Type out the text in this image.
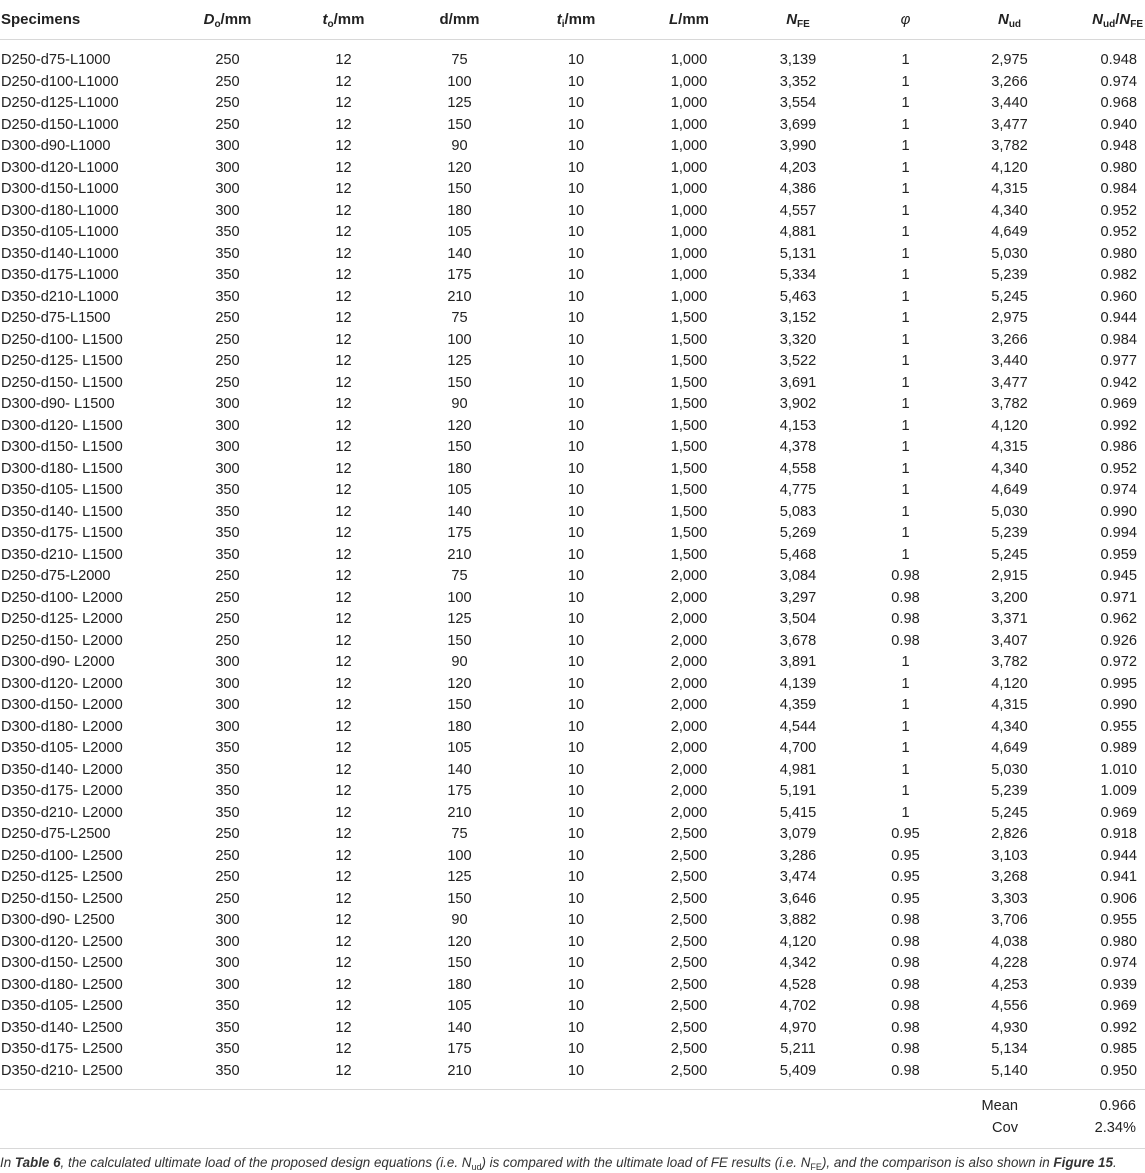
Specimens	$D_o/mm$	$t_o/mm$	d/mm	$t_i/mm$	L/mm	$N_{FE}$	φ	$N_{ud}$	$N_{ud}/N_{FE}$
D250-d75-L1000	250	12	75	10	1,000	3,139	1	2,975	0.948
D250-d100-L1000	250	12	100	10	1,000	3,352	1	3,266	0.974
D250-d125-L1000	250	12	125	10	1,000	3,554	1	3,440	0.968
D250-d150-L1000	250	12	150	10	1,000	3,699	1	3,477	0.940
D300-d90-L1000	300	12	90	10	1,000	3,990	1	3,782	0.948
D300-d120-L1000	300	12	120	10	1,000	4,203	1	4,120	0.980
D300-d150-L1000	300	12	150	10	1,000	4,386	1	4,315	0.984
D300-d180-L1000	300	12	180	10	1,000	4,557	1	4,340	0.952
D350-d105-L1000	350	12	105	10	1,000	4,881	1	4,649	0.952
D350-d140-L1000	350	12	140	10	1,000	5,131	1	5,030	0.980
D350-d175-L1000	350	12	175	10	1,000	5,334	1	5,239	0.982
D350-d210-L1000	350	12	210	10	1,000	5,463	1	5,245	0.960
D250-d75-L1500	250	12	75	10	1,500	3,152	1	2,975	0.944
D250-d100- L1500	250	12	100	10	1,500	3,320	1	3,266	0.984
D250-d125- L1500	250	12	125	10	1,500	3,522	1	3,440	0.977
D250-d150- L1500	250	12	150	10	1,500	3,691	1	3,477	0.942
D300-d90- L1500	300	12	90	10	1,500	3,902	1	3,782	0.969
D300-d120- L1500	300	12	120	10	1,500	4,153	1	4,120	0.992
D300-d150- L1500	300	12	150	10	1,500	4,378	1	4,315	0.986
D300-d180- L1500	300	12	180	10	1,500	4,558	1	4,340	0.952
D350-d105- L1500	350	12	105	10	1,500	4,775	1	4,649	0.974
D350-d140- L1500	350	12	140	10	1,500	5,083	1	5,030	0.990
D350-d175- L1500	350	12	175	10	1,500	5,269	1	5,239	0.994
D350-d210- L1500	350	12	210	10	1,500	5,468	1	5,245	0.959
D250-d75-L2000	250	12	75	10	2,000	3,084	0.98	2,915	0.945
D250-d100- L2000	250	12	100	10	2,000	3,297	0.98	3,200	0.971
D250-d125- L2000	250	12	125	10	2,000	3,504	0.98	3,371	0.962
D250-d150- L2000	250	12	150	10	2,000	3,678	0.98	3,407	0.926
D300-d90- L2000	300	12	90	10	2,000	3,891	1	3,782	0.972
D300-d120- L2000	300	12	120	10	2,000	4,139	1	4,120	0.995
D300-d150- L2000	300	12	150	10	2,000	4,359	1	4,315	0.990
D300-d180- L2000	300	12	180	10	2,000	4,544	1	4,340	0.955
D350-d105- L2000	350	12	105	10	2,000	4,700	1	4,649	0.989
D350-d140- L2000	350	12	140	10	2,000	4,981	1	5,030	1.010
D350-d175- L2000	350	12	175	10	2,000	5,191	1	5,239	1.009
D350-d210- L2000	350	12	210	10	2,000	5,415	1	5,245	0.969
D250-d75-L2500	250	12	75	10	2,500	3,079	0.95	2,826	0.918
D250-d100- L2500	250	12	100	10	2,500	3,286	0.95	3,103	0.944
D250-d125- L2500	250	12	125	10	2,500	3,474	0.95	3,268	0.941
D250-d150- L2500	250	12	150	10	2,500	3,646	0.95	3,303	0.906
D300-d90- L2500	300	12	90	10	2,500	3,882	0.98	3,706	0.955
D300-d120- L2500	300	12	120	10	2,500	4,120	0.98	4,038	0.980
D300-d150- L2500	300	12	150	10	2,500	4,342	0.98	4,228	0.974
D300-d180- L2500	300	12	180	10	2,500	4,528	0.98	4,253	0.939
D350-d105- L2500	350	12	105	10	2,500	4,702	0.98	4,556	0.969
D350-d140- L2500	350	12	140	10	2,500	4,970	0.98	4,930	0.992
D350-d175- L2500	350	12	175	10	2,500	5,211	0.98	5,134	0.985
D350-d210- L2500	350	12	210	10	2,500	5,409	0.98	5,140	0.950
Mean	0.966
Cov	2.34%
In Table 6, the calculated ultimate load of the proposed design equations (i.e. $N_{ud}$) is compared with the ultimate load of FE results (i.e. $N_{FE}$), and the comparison is also shown in Figure 15.
